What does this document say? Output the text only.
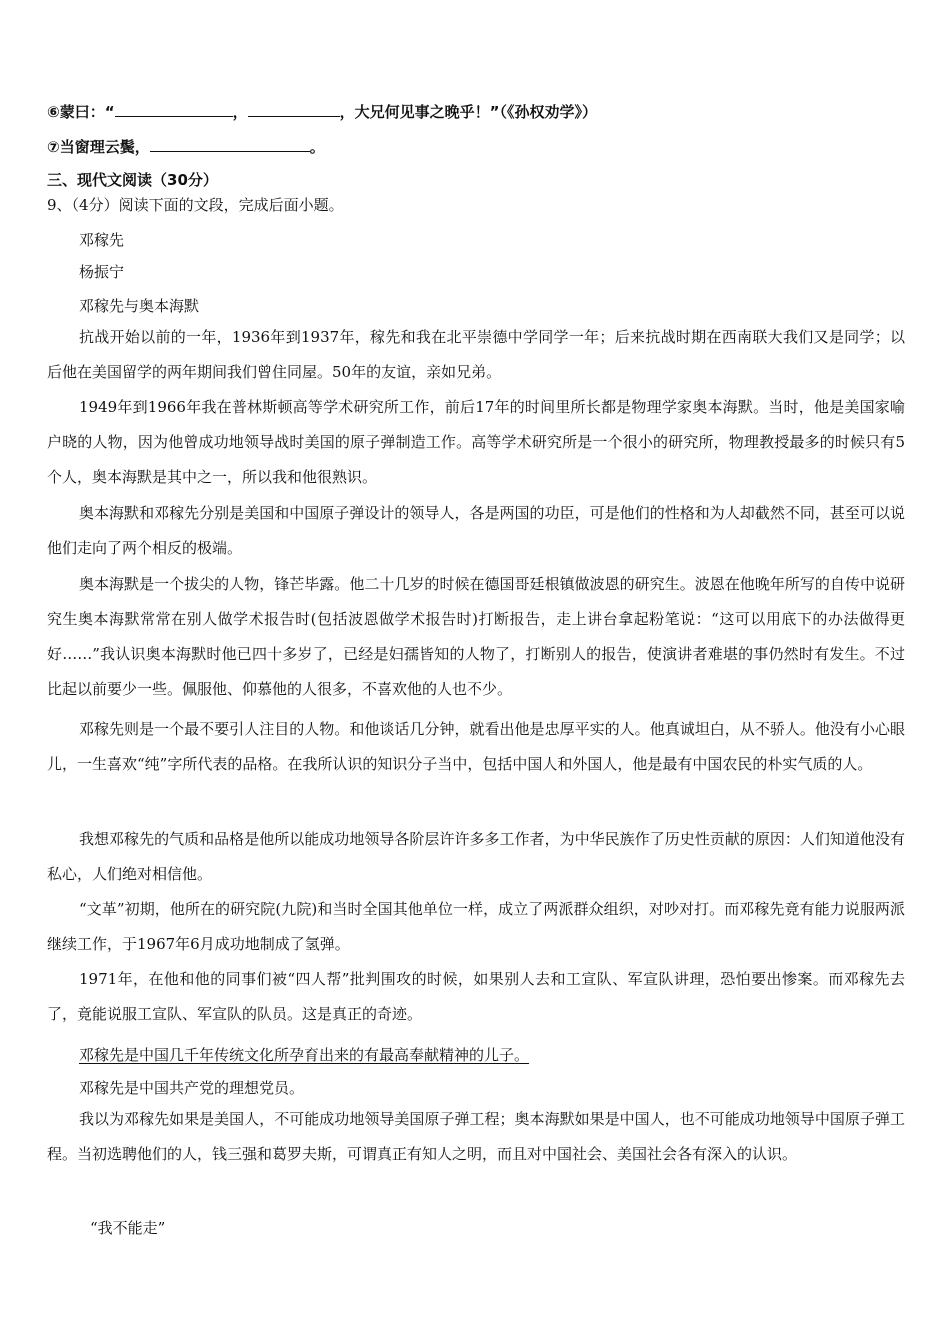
⑥蒙曰：“	，	，大兄何见事之晚乎！”（《孙权劝学》）
⑦当窗理云鬓，	。
三、现代文阅读（30分）
9、（4分）阅读下面的文段，完成后面小题。
邓稼先
杨振宁
邓稼先与奥本海默
抗战开始以前的一年，1936年到1937年，稼先和我在北平崇德中学同学一年；后来抗战时期在西南联大我们又是同学；以后他在美国留学的两年期间我们曾住同屋。50年的友谊，亲如兄弟。
1949年到1966年我在普林斯顿高等学术研究所工作，前后17年的时间里所长都是物理学家奥本海默。当时，他是美国家喻户晓的人物，因为他曾成功地领导战时美国的原子弹制造工作。高等学术研究所是一个很小的研究所，物理教授最多的时候只有5个人，奥本海默是其中之一，所以我和他很熟识。
奥本海默和邓稼先分别是美国和中国原子弹设计的领导人，各是两国的功臣，可是他们的性格和为人却截然不同，甚至可以说他们走向了两个相反的极端。
奥本海默是一个拔尖的人物，锋芒毕露。他二十几岁的时候在德国哥廷根镇做波恩的研究生。波恩在他晚年所写的自传中说研究生奥本海默常常在别人做学术报告时(包括波恩做学术报告时)打断报告，走上讲台拿起粉笔说：“这可以用底下的办法做得更好……”我认识奥本海默时他已四十多岁了，已经是妇孺皆知的人物了，打断别人的报告，使演讲者难堪的事仍然时有发生。不过比起以前要少一些。佩服他、仰慕他的人很多，不喜欢他的人也不少。
邓稼先则是一个最不要引人注目的人物。和他谈话几分钟，就看出他是忠厚平实的人。他真诚坦白，从不骄人。他没有小心眼儿，一生喜欢“纯”字所代表的品格。在我所认识的知识分子当中，包括中国人和外国人，他是最有中国农民的朴实气质的人。
我想邓稼先的气质和品格是他所以能成功地领导各阶层许许多多工作者，为中华民族作了历史性贡献的原因：人们知道他没有私心，人们绝对相信他。
“文革”初期，他所在的研究院(九院)和当时全国其他单位一样，成立了两派群众组织，对吵对打。而邓稼先竟有能力说服两派继续工作，于1967年6月成功地制成了氢弹。
1971年，在他和他的同事们被“四人帮”批判围攻的时候，如果别人去和工宣队、军宣队讲理，恐怕要出惨案。而邓稼先去了，竟能说服工宣队、军宣队的队员。这是真正的奇迹。
邓稼先是中国几千年传统文化所孕育出来的有最高奉献精神的儿子。
邓稼先是中国共产党的理想党员。
我以为邓稼先如果是美国人，不可能成功地领导美国原子弹工程；奥本海默如果是中国人，也不可能成功地领导中国原子弹工程。当初选聘他们的人，钱三强和葛罗夫斯，可谓真正有知人之明，而且对中国社会、美国社会各有深入的认识。
“我不能走”
